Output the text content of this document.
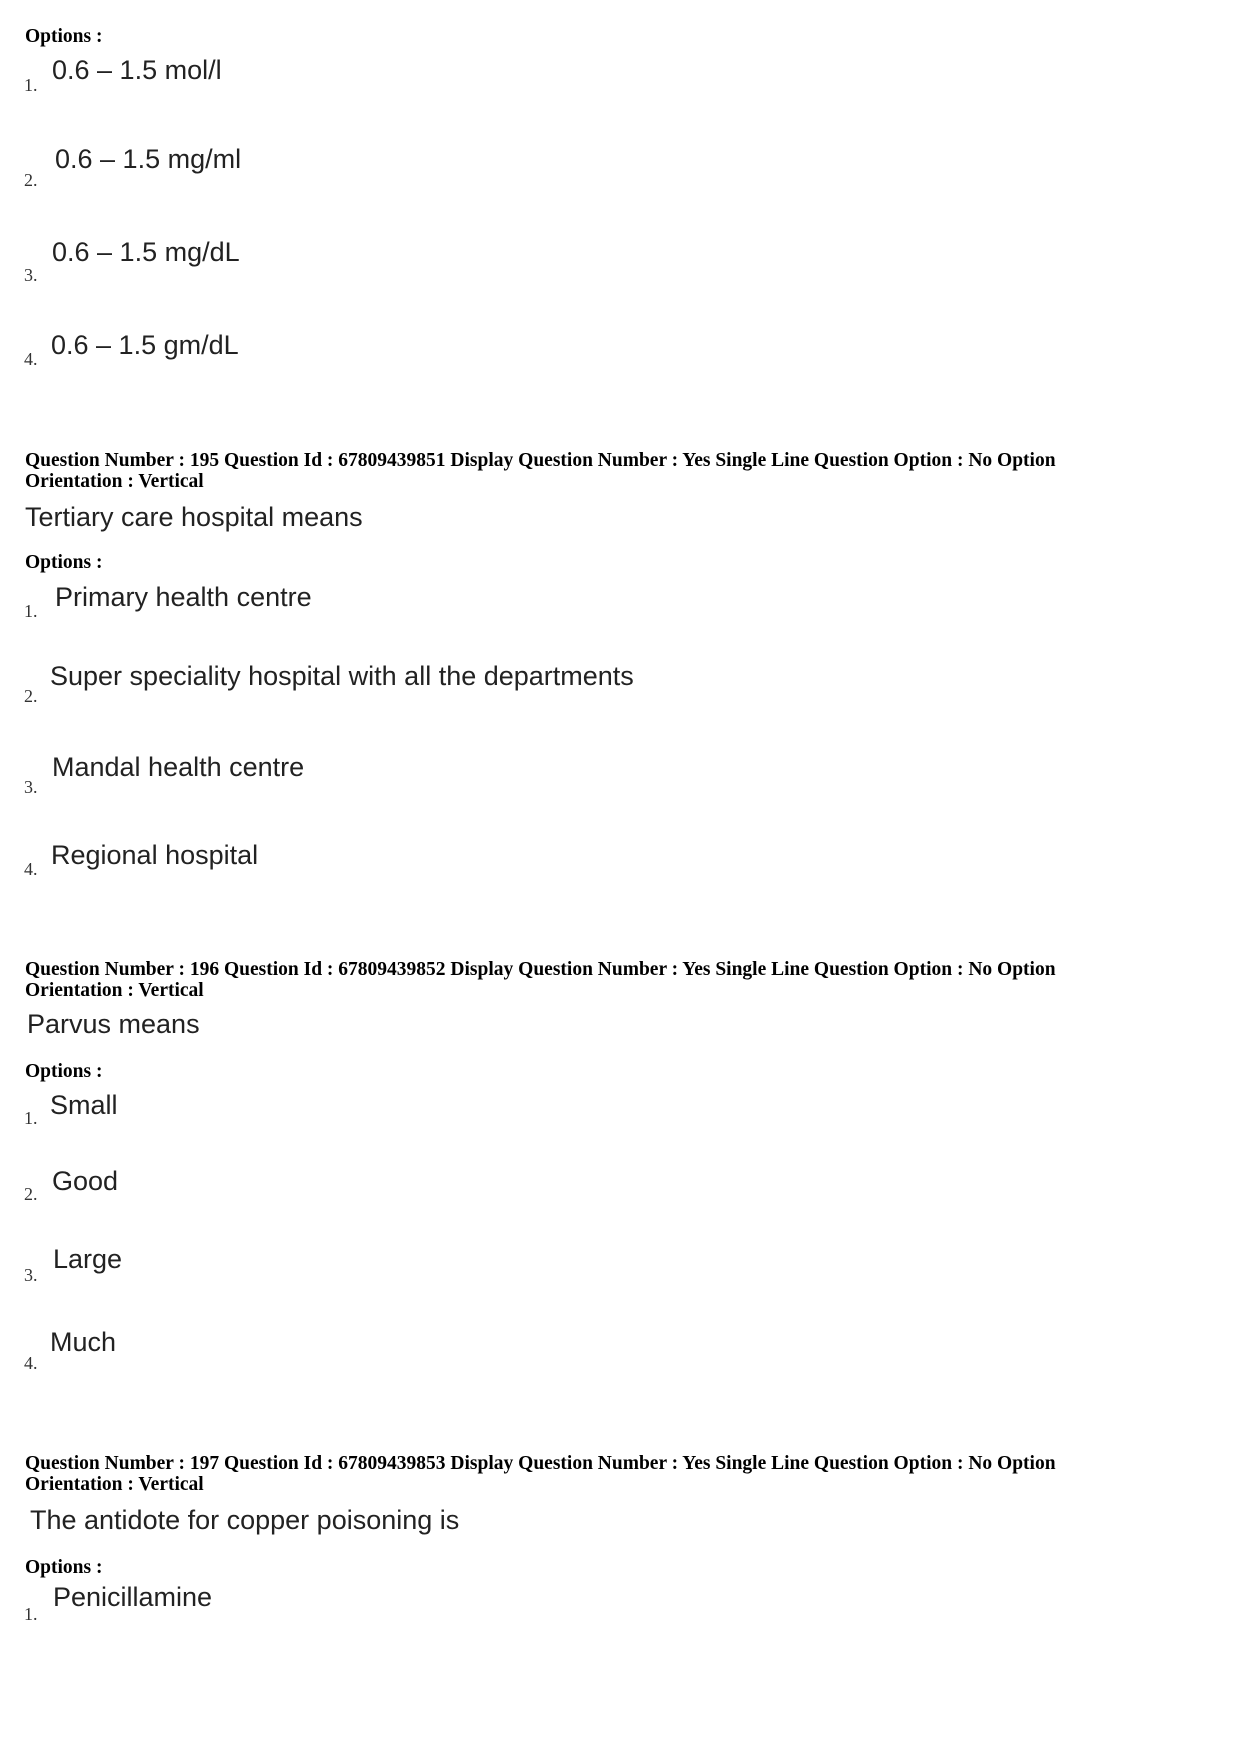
Options :
1. 0.6 – 1.5 mol/l
2.
0.6 – 1.5 mg/ml
3.
0.6 – 1.5 mg/dL
4. 0.6 – 1.5 gm/dL
Question Number : 195 Question Id : 67809439851 Display Question Number : Yes Single Line Question Option : No Option
Orientation : Vertical
Tertiary care hospital means
Options :
1. Primary health centre
2.
Super speciality hospital with all the departments
3.
Mandal health centre
4. Regional hospital
Question Number : 196 Question Id : 67809439852 Display Question Number : Yes Single Line Question Option : No Option
Orientation : Vertical
Parvus means
Options :
1. Small
2. Good
3.
Large
4.
Much
Question Number : 197 Question Id : 67809439853 Display Question Number : Yes Single Line Question Option : No Option
Orientation : Vertical
The antidote for copper poisoning is
Options :
1.
Penicillamine
